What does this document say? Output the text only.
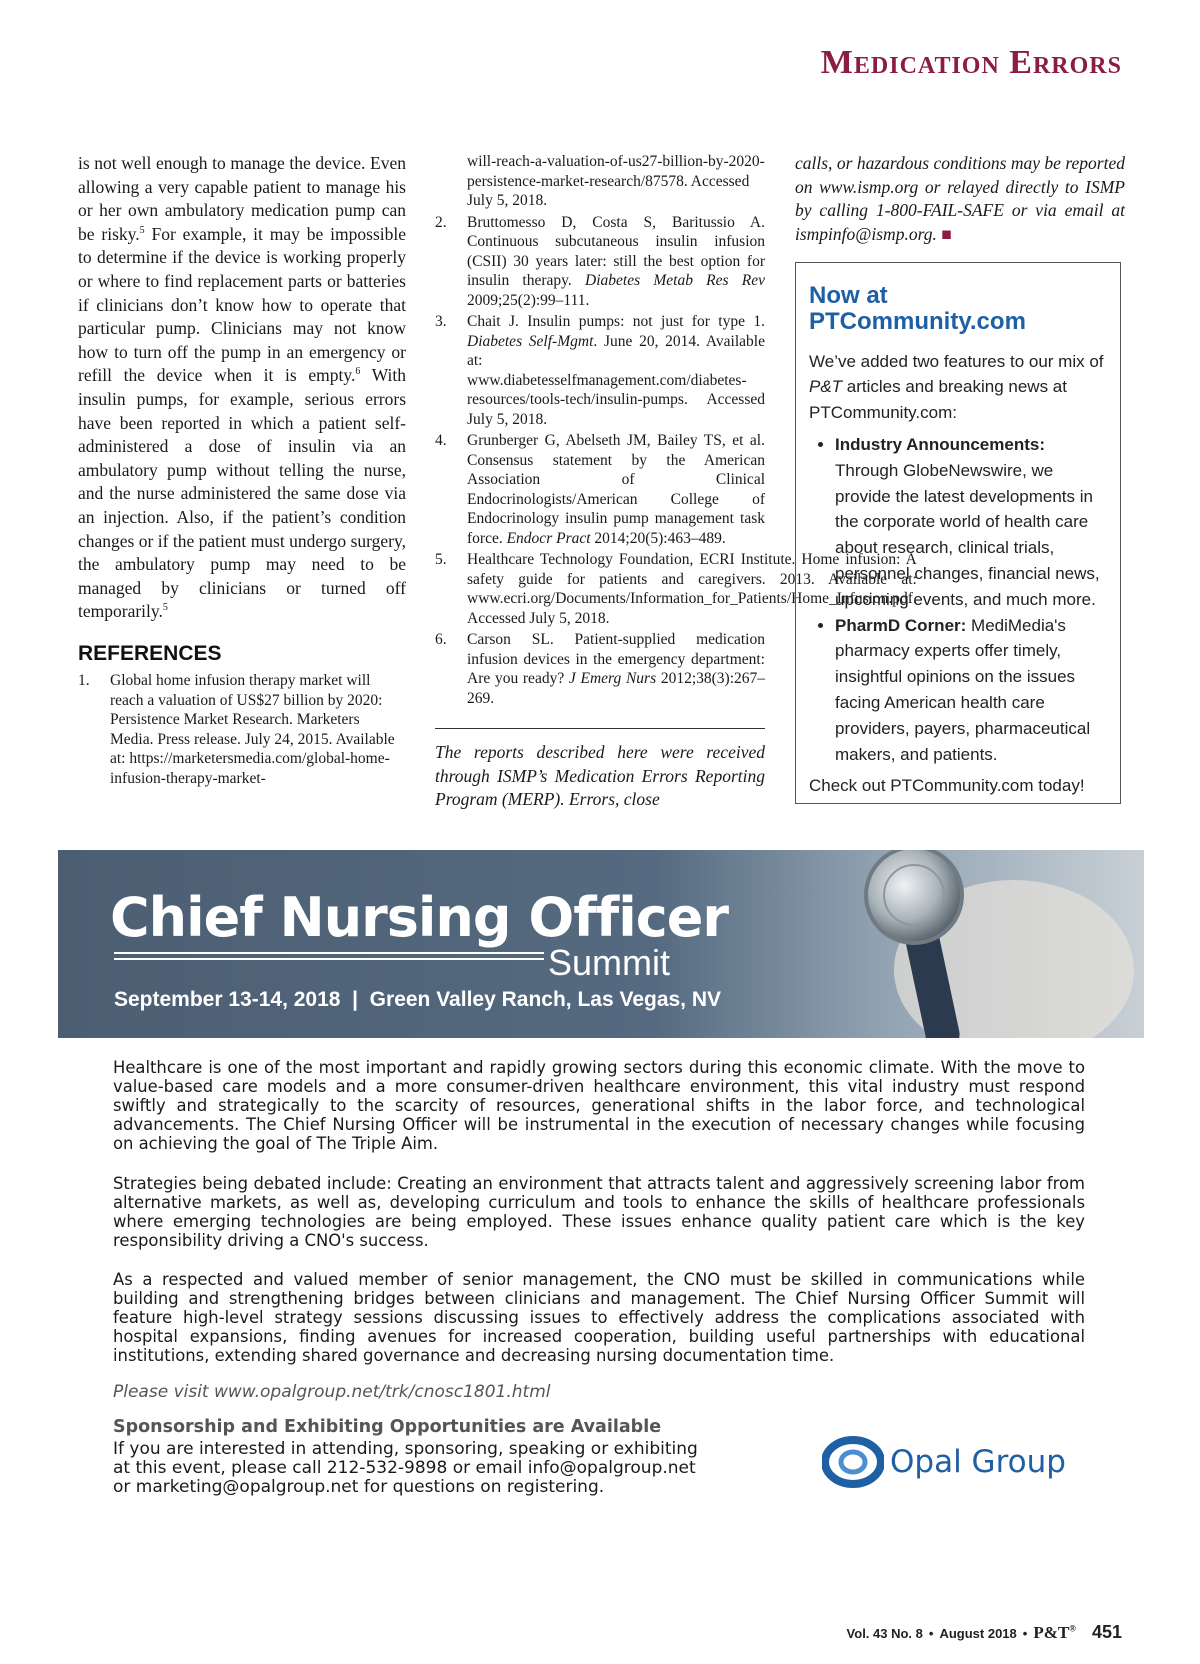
Medication Errors
is not well enough to manage the device. Even allowing a very capable patient to manage his or her own ambulatory medication pump can be risky.$^5$ For example, it may be impossible to determine if the device is working properly or where to find replacement parts or batteries if clinicians don’t know how to operate that particular pump. Clinicians may not know how to turn off the pump in an emergency or refill the device when it is empty.$^6$ With insulin pumps, for example, serious errors have been reported in which a patient self-administered a dose of insulin via an ambulatory pump without telling the nurse, and the nurse administered the same dose via an injection. Also, if the patient’s condition changes or if the patient must undergo surgery, the ambulatory pump may need to be managed by clinicians or turned off temporarily.$^5$
REFERENCES
1.	Global home infusion therapy market will reach a valuation of US$27 billion by 2020: Persistence Market Research. Marketers Media. Press release. July 24, 2015. Available at: https://marketersmedia.com/global-home-infusion-therapy-market-
will-reach-a-valuation-of-us27-billion-by-2020-persistence-market-research/87578. Accessed July 5, 2018.
2.	Bruttomesso D, Costa S, Baritussio A. Continuous subcutaneous insulin infusion (CSII) 30 years later: still the best option for insulin therapy. Diabetes Metab Res Rev 2009;25(2):99–111.
3.	Chait J. Insulin pumps: not just for type 1. Diabetes Self-Mgmt. June 20, 2014. Available at: www.diabetesselfmanagement.com/diabetes-resources/tools-tech/insulin-pumps. Accessed July 5, 2018.
4.	Grunberger G, Abelseth JM, Bailey TS, et al. Consensus statement by the American Association of Clinical Endocrinologists/American College of Endocrinology insulin pump management task force. Endocr Pract 2014;20(5):463–489.
5.	Healthcare Technology Foundation, ECRI Institute. Home infusion: A safety guide for patients and caregivers. 2013. Available at: www.ecri.org/Documents/Information_for_Patients/Home_Infusion.pdf. Accessed July 5, 2018.
6.	Carson SL. Patient-supplied medication infusion devices in the emergency department: Are you ready? J Emerg Nurs 2012;38(3):267–269.
The reports described here were received through ISMP’s Medication Errors Reporting Program (MERP). Errors, close
calls, or hazardous conditions may be reported on www.ismp.org or relayed directly to ISMP by calling 1-800-FAIL-SAFE or via email at ismpinfo@ismp.org. ■
Now at PTCommunity.com
We’ve added two features to our mix of P&T articles and breaking news at PTCommunity.com:
• Industry Announcements: Through GlobeNewswire, we provide the latest developments in the corporate world of health care about research, clinical trials, personnel changes, financial news, upcoming events, and much more.
• PharmD Corner: MediMedia's pharmacy experts offer timely, insightful opinions on the issues facing American health care providers, payers, pharmaceutical makers, and patients.
Check out PTCommunity.com today!
Chief Nursing Officer
Summit
September 13-14, 2018  |  Green Valley Ranch, Las Vegas, NV
Healthcare is one of the most important and rapidly growing sectors during this economic climate. With the move to value-based care models and a more consumer-driven healthcare environment, this vital industry must respond swiftly and strategically to the scarcity of resources, generational shifts in the labor force, and technological advancements. The Chief Nursing Officer will be instrumental in the execution of necessary changes while focusing on achieving the goal of The Triple Aim.
Strategies being debated include: Creating an environment that attracts talent and aggressively screening labor from alternative markets, as well as, developing curriculum and tools to enhance the skills of healthcare professionals where emerging technologies are being employed. These issues enhance quality patient care which is the key responsibility driving a CNO's success.
As a respected and valued member of senior management, the CNO must be skilled in communications while building and strengthening bridges between clinicians and management. The Chief Nursing Officer Summit will feature high-level strategy sessions discussing issues to effectively address the complications associated with hospital expansions, finding avenues for increased cooperation, building useful partnerships with educational institutions, extending shared governance and decreasing nursing documentation time.
Please visit www.opalgroup.net/trk/cnosc1801.html
Sponsorship and Exhibiting Opportunities are Available
If you are interested in attending, sponsoring, speaking or exhibiting at this event, please call 212-532-9898 or email info@opalgroup.net or marketing@opalgroup.net for questions on registering.
Opal Group
Vol. 43 No. 8 • August 2018 • P&T® 451
